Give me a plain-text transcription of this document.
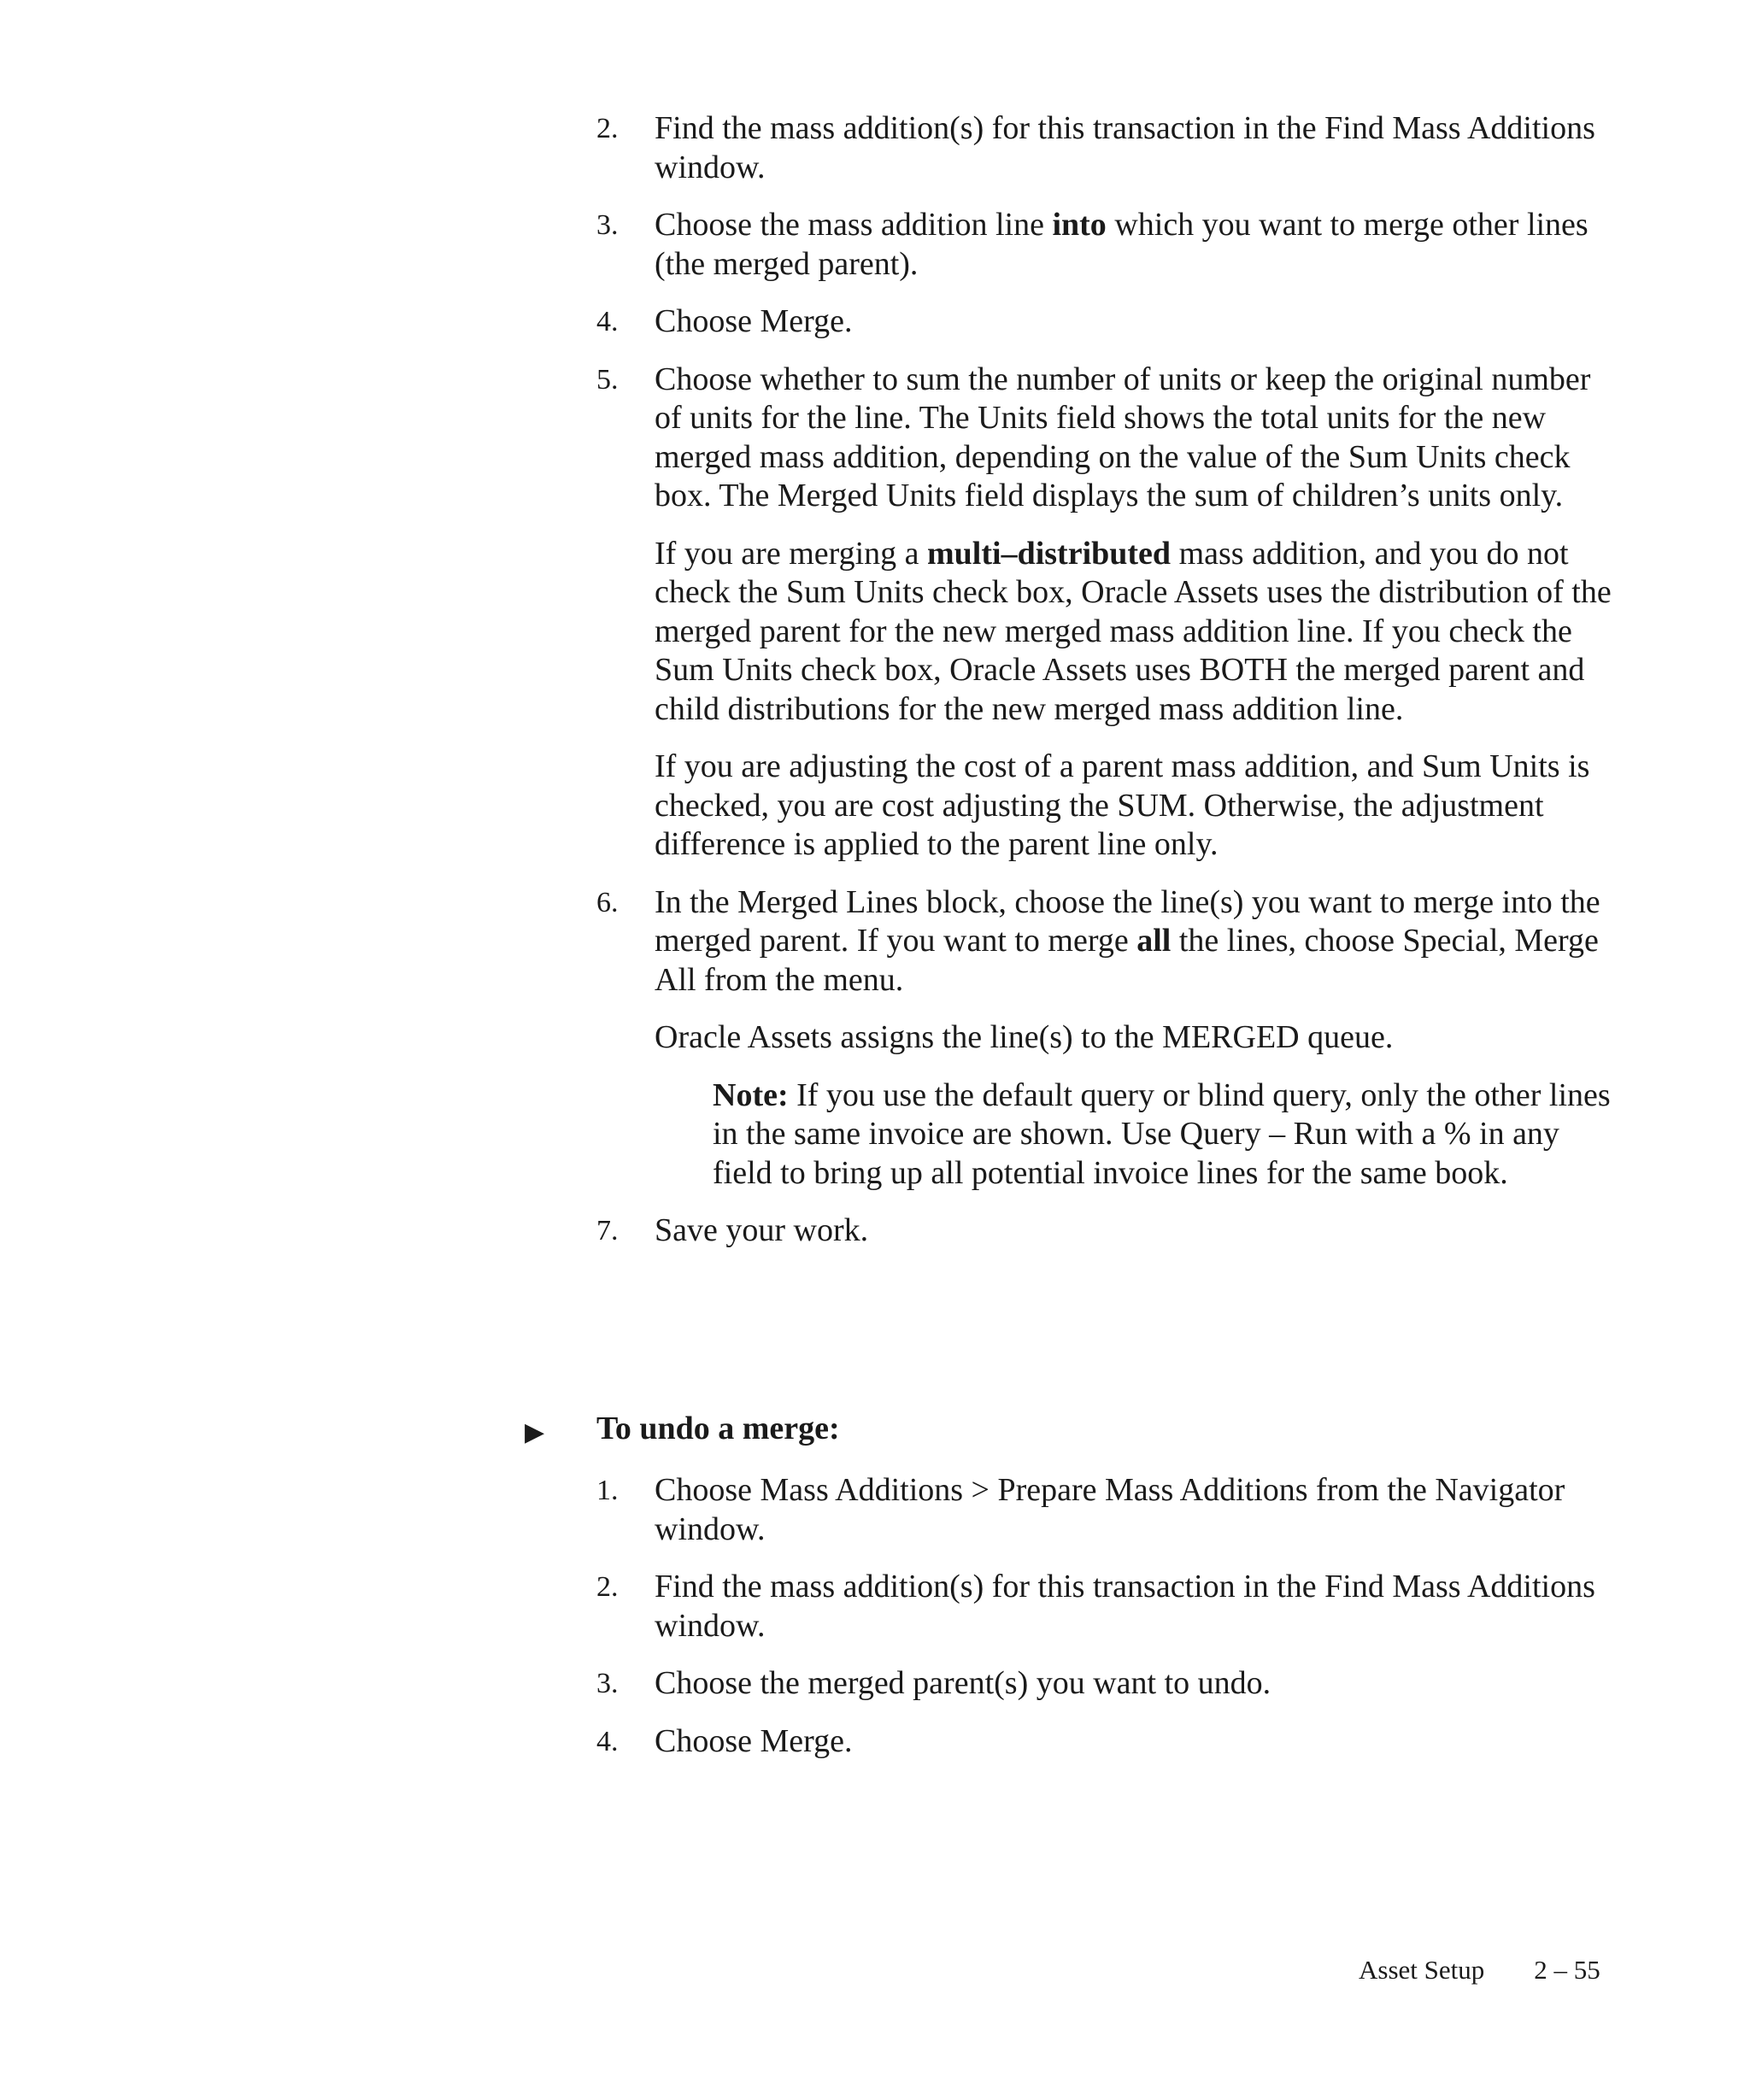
2. Find the mass addition(s) for this transaction in the Find Mass Additions window.
3. Choose the mass addition line into which you want to merge other lines (the merged parent).
4. Choose Merge.
5. Choose whether to sum the number of units or keep the original number of units for the line. The Units field shows the total units for the new merged mass addition, depending on the value of the Sum Units check box. The Merged Units field displays the sum of children’s units only.
If you are merging a multi–distributed mass addition, and you do not check the Sum Units check box, Oracle Assets uses the distribution of the merged parent for the new merged mass addition line. If you check the Sum Units check box, Oracle Assets uses BOTH the merged parent and child distributions for the new merged mass addition line.
If you are adjusting the cost of a parent mass addition, and Sum Units is checked, you are cost adjusting the SUM. Otherwise, the adjustment difference is applied to the parent line only.
6. In the Merged Lines block, choose the line(s) you want to merge into the merged parent. If you want to merge all the lines, choose Special, Merge All from the menu.
Oracle Assets assigns the line(s) to the MERGED queue.
Note: If you use the default query or blind query, only the other lines in the same invoice are shown. Use Query – Run with a % in any field to bring up all potential invoice lines for the same book.
7. Save your work.
▶ To undo a merge:
1. Choose Mass Additions > Prepare Mass Additions from the Navigator window.
2. Find the mass addition(s) for this transaction in the Find Mass Additions window.
3. Choose the merged parent(s) you want to undo.
4. Choose Merge.
Asset Setup 2 – 55
